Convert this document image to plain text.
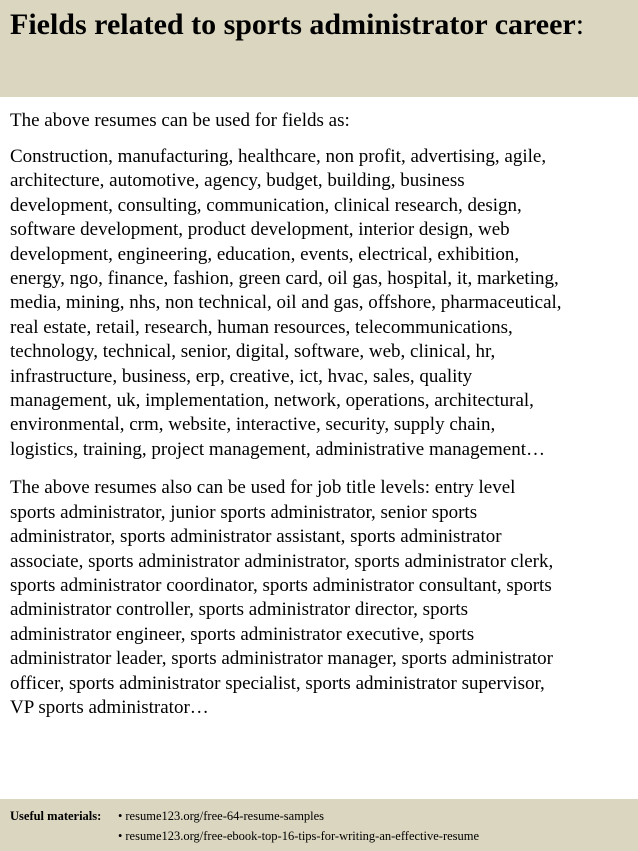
Fields related to sports administrator career:

The above resumes can be used for fields as:

Construction, manufacturing, healthcare, non profit, advertising, agile,
architecture, automotive, agency, budget, building, business
development, consulting, communication, clinical research, design,
software development, product development, interior design, web
development, engineering, education, events, electrical, exhibition,
energy, ngo, finance, fashion, green card, oil gas, hospital, it, marketing,
media, mining, nhs, non technical, oil and gas, offshore, pharmaceutical,
real estate, retail, research, human resources, telecommunications,
technology, technical, senior, digital, software, web, clinical, hr,
infrastructure, business, erp, creative, ict, hvac, sales, quality
management, uk, implementation, network, operations, architectural,
environmental, crm, website, interactive, security, supply chain,
logistics, training, project management, administrative management…

The above resumes also can be used for job title levels: entry level
sports administrator, junior sports administrator, senior sports
administrator, sports administrator assistant, sports administrator
associate, sports administrator administrator, sports administrator clerk,
sports administrator coordinator, sports administrator consultant, sports
administrator controller, sports administrator director, sports
administrator engineer, sports administrator executive, sports
administrator leader, sports administrator manager, sports administrator
officer, sports administrator specialist, sports administrator supervisor,
VP sports administrator…

Useful materials:	• resume123.org/free-64-resume-samples
• resume123.org/free-ebook-top-16-tips-for-writing-an-effective-resume
